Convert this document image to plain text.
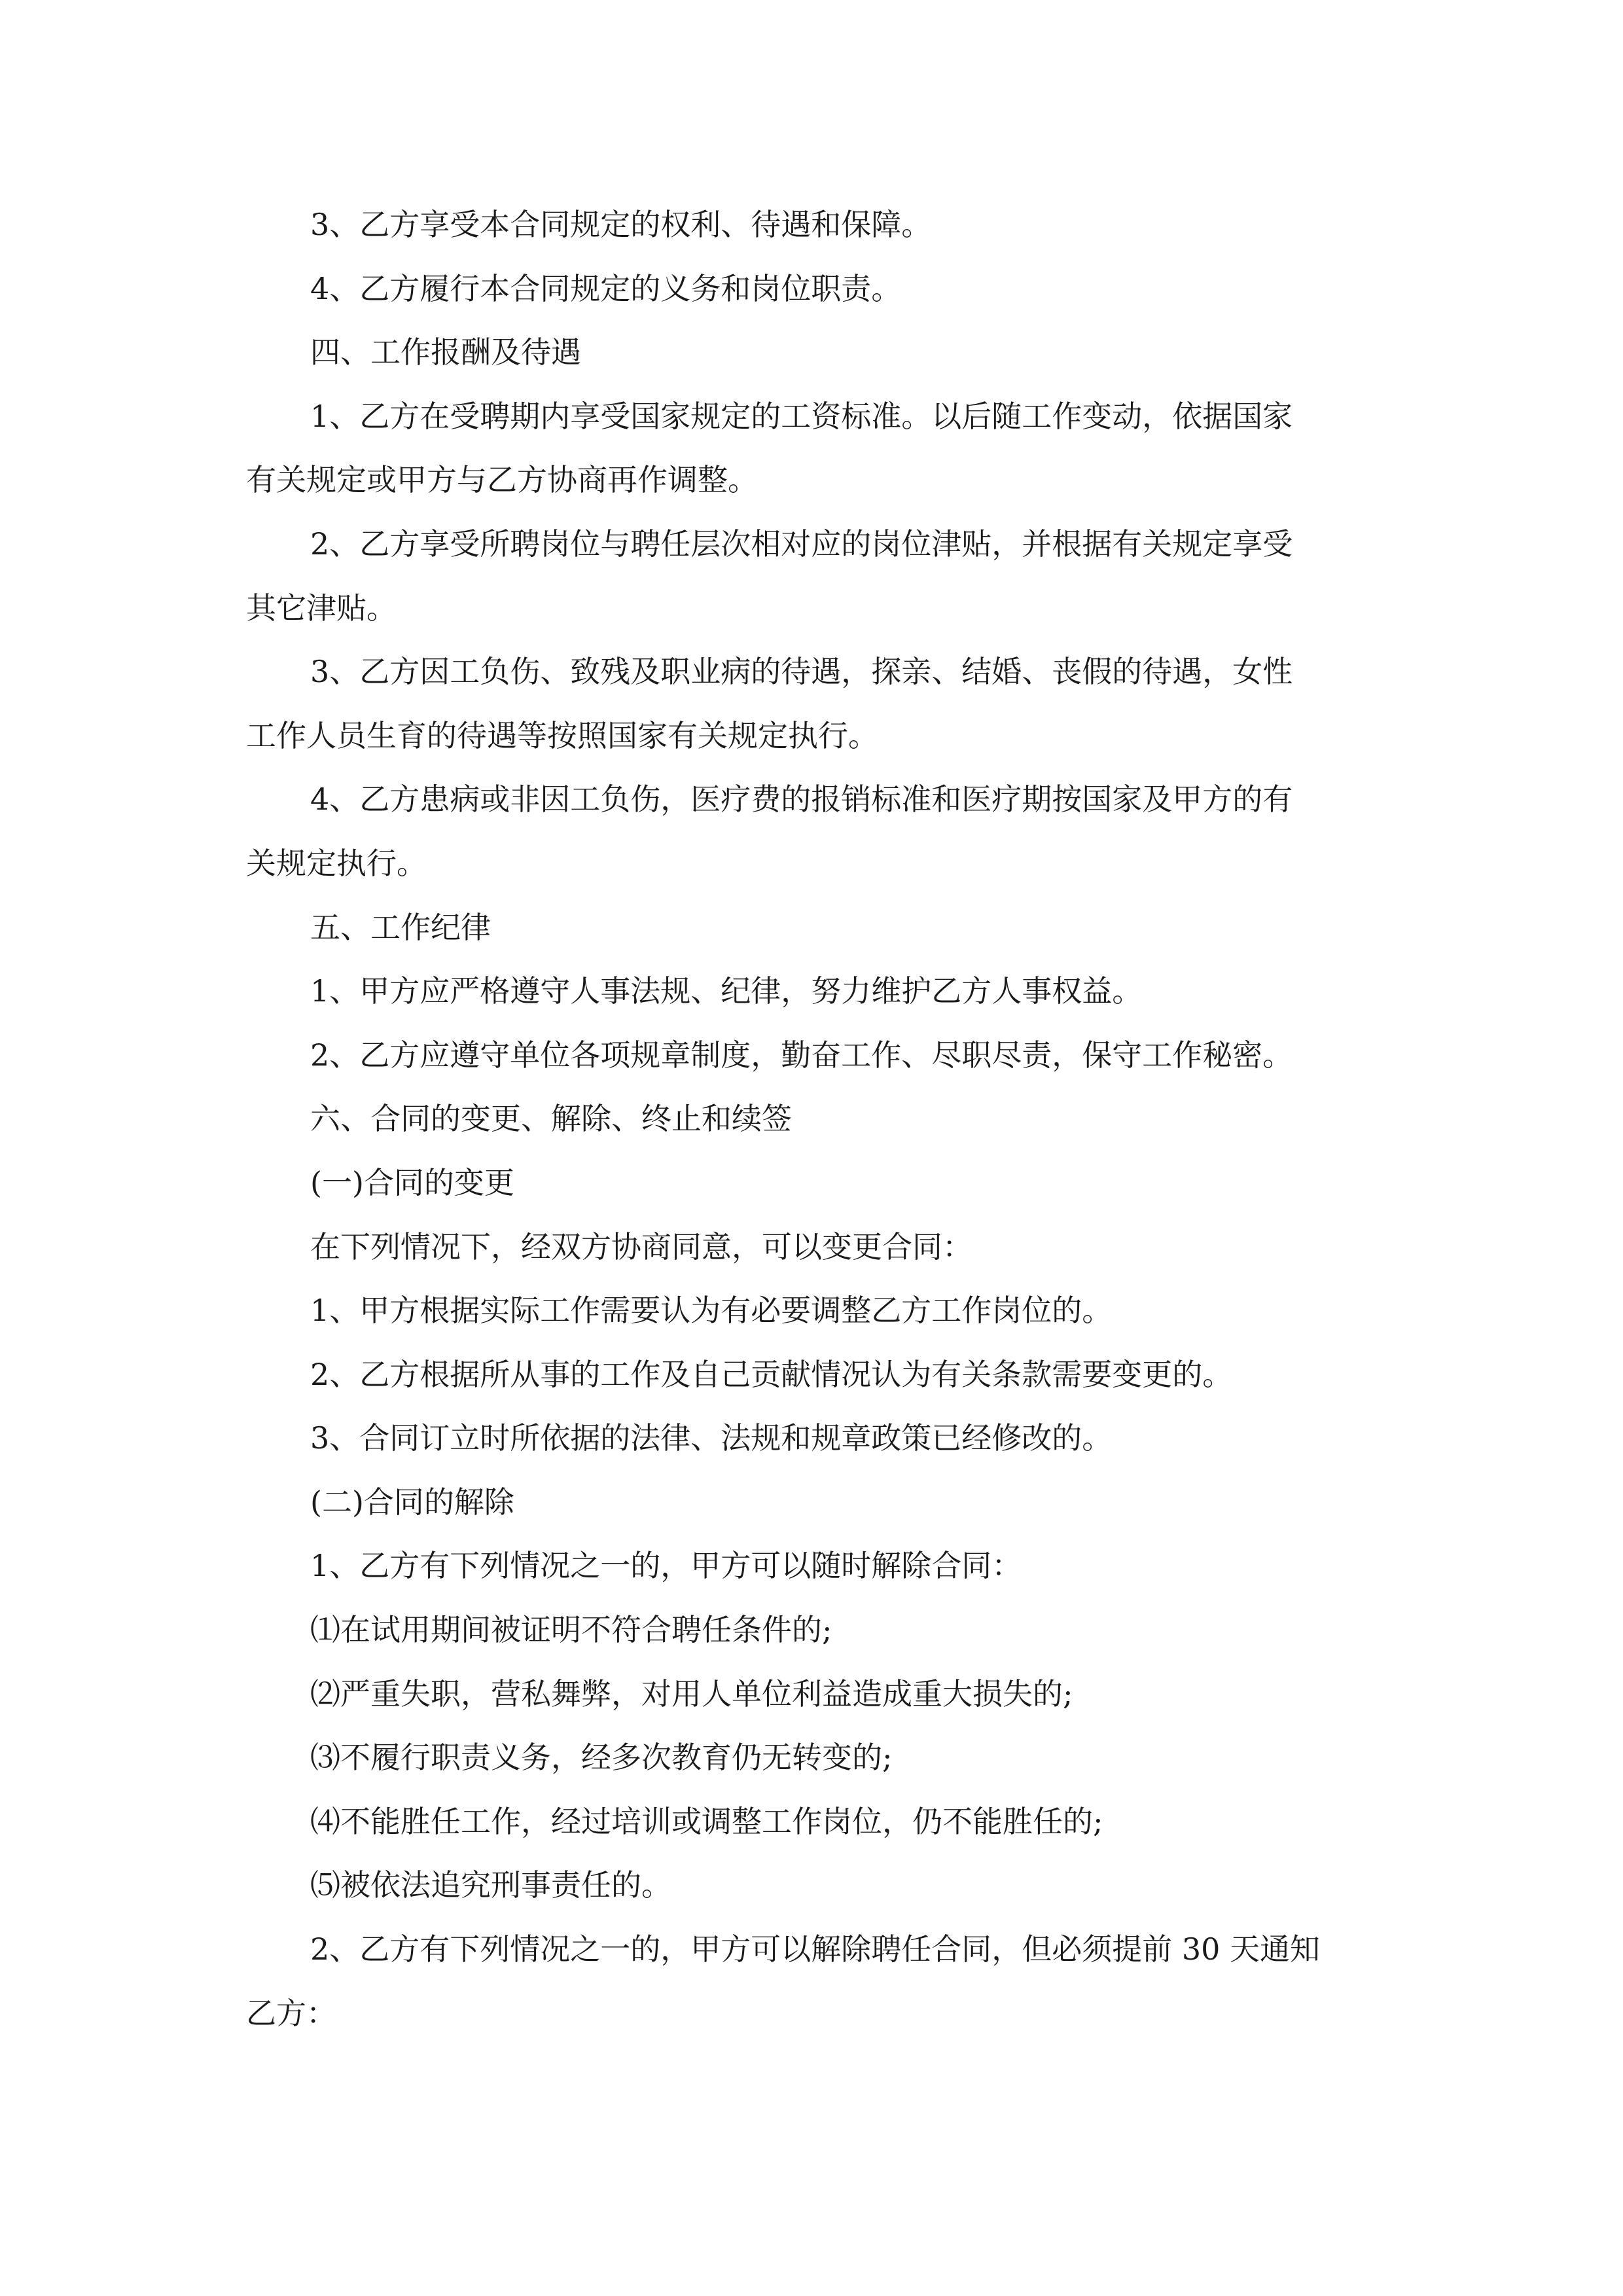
3、乙方享受本合同规定的权利、待遇和保障。

4、乙方履行本合同规定的义务和岗位职责。

四、工作报酬及待遇

1、乙方在受聘期内享受国家规定的工资标准。以后随工作变动，依据国家

有关规定或甲方与乙方协商再作调整。

2、乙方享受所聘岗位与聘任层次相对应的岗位津贴，并根据有关规定享受

其它津贴。

3、乙方因工负伤、致残及职业病的待遇，探亲、结婚、丧假的待遇，女性

工作人员生育的待遇等按照国家有关规定执行。

4、乙方患病或非因工负伤，医疗费的报销标准和医疗期按国家及甲方的有

关规定执行。

五、工作纪律

1、甲方应严格遵守人事法规、纪律，努力维护乙方人事权益。

2、乙方应遵守单位各项规章制度，勤奋工作、尽职尽责，保守工作秘密。

六、合同的变更、解除、终止和续签

(一)合同的变更

在下列情况下，经双方协商同意，可以变更合同：

1、甲方根据实际工作需要认为有必要调整乙方工作岗位的。

2、乙方根据所从事的工作及自己贡献情况认为有关条款需要变更的。

3、合同订立时所依据的法律、法规和规章政策已经修改的。

(二)合同的解除

1、乙方有下列情况之一的，甲方可以随时解除合同：

⑴在试用期间被证明不符合聘任条件的;

⑵严重失职，营私舞弊，对用人单位利益造成重大损失的;

⑶不履行职责义务，经多次教育仍无转变的;

⑷不能胜任工作，经过培训或调整工作岗位，仍不能胜任的;

⑸被依法追究刑事责任的。

2、乙方有下列情况之一的，甲方可以解除聘任合同，但必须提前 30 天通知

乙方：
